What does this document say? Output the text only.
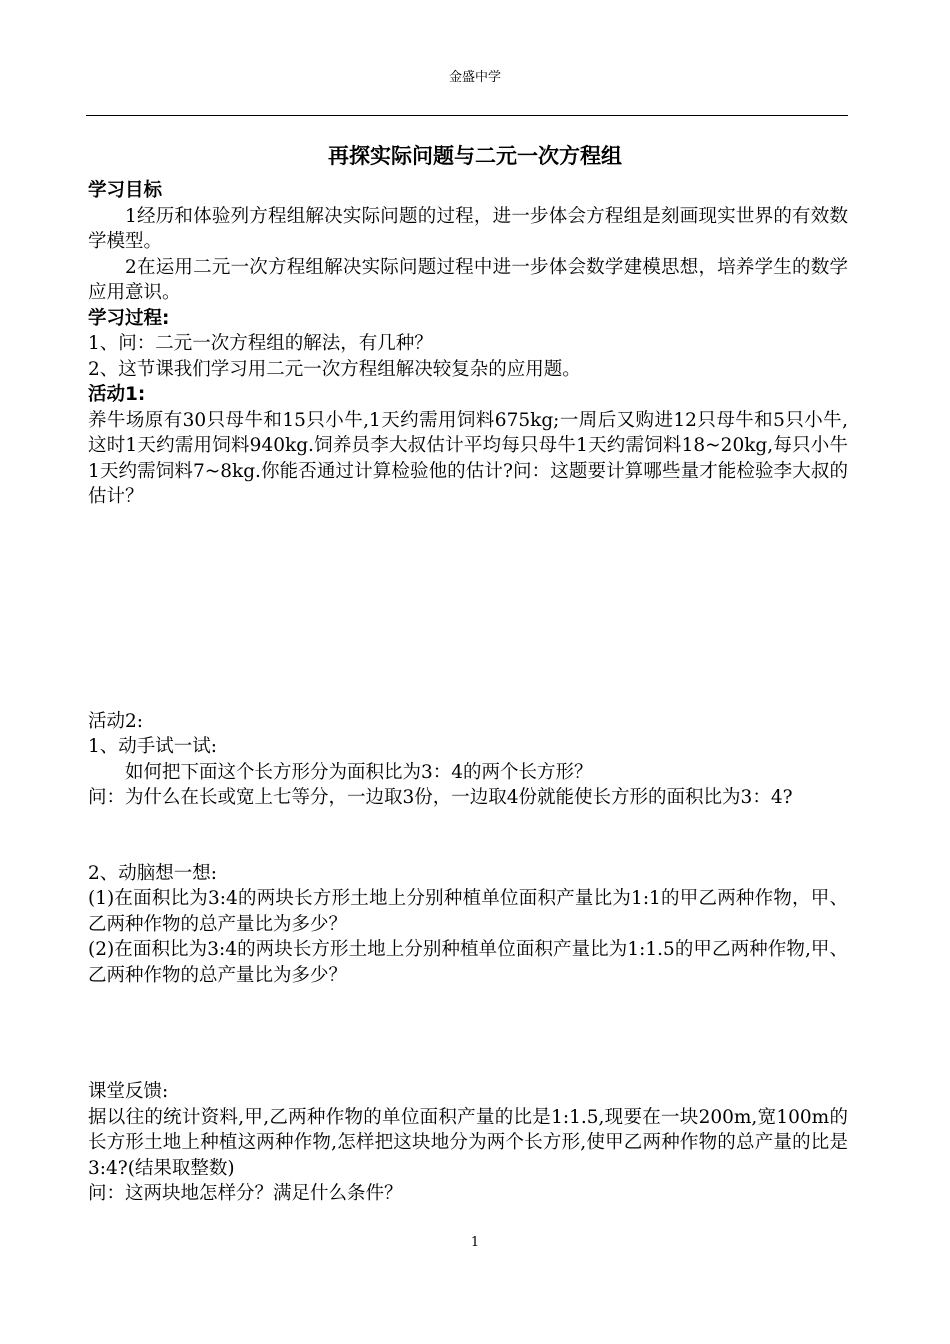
金盛中学
再探实际问题与二元一次方程组

学习目标

1经历和体验列方程组解决实际问题的过程，进一步体会方程组是刻画现实世界的有效数学模型。

2在运用二元一次方程组解决实际问题过程中进一步体会数学建模思想，培养学生的数学应用意识。

学习过程:

1、问：二元一次方程组的解法，有几种？

2、这节课我们学习用二元一次方程组解决较复杂的应用题。

活动1:

养牛场原有30只母牛和15只小牛,1天约需用饲料675kg;一周后又购进12只母牛和5只小牛,这时1天约需用饲料940kg.饲养员李大叔估计平均每只母牛1天约需饲料18~20kg,每只小牛1天约需饲料7~8kg.你能否通过计算检验他的估计?问：这题要计算哪些量才能检验李大叔的估计？

活动2:

1、动手试一试:

如何把下面这个长方形分为面积比为3：4的两个长方形？

问：为什么在长或宽上七等分，一边取3份，一边取4份就能使长方形的面积比为3：4?

2、动脑想一想:

(1)在面积比为3:4的两块长方形土地上分别种植单位面积产量比为1:1的甲乙两种作物，甲、乙两种作物的总产量比为多少？

(2)在面积比为3:4的两块长方形土地上分别种植单位面积产量比为1:1.5的甲乙两种作物,甲、乙两种作物的总产量比为多少？

课堂反馈:

据以往的统计资料,甲,乙两种作物的单位面积产量的比是1:1.5,现要在一块200m,宽100m的长方形土地上种植这两种作物,怎样把这块地分为两个长方形,使甲乙两种作物的总产量的比是3:4?(结果取整数)

问：这两块地怎样分？满足什么条件？

1
